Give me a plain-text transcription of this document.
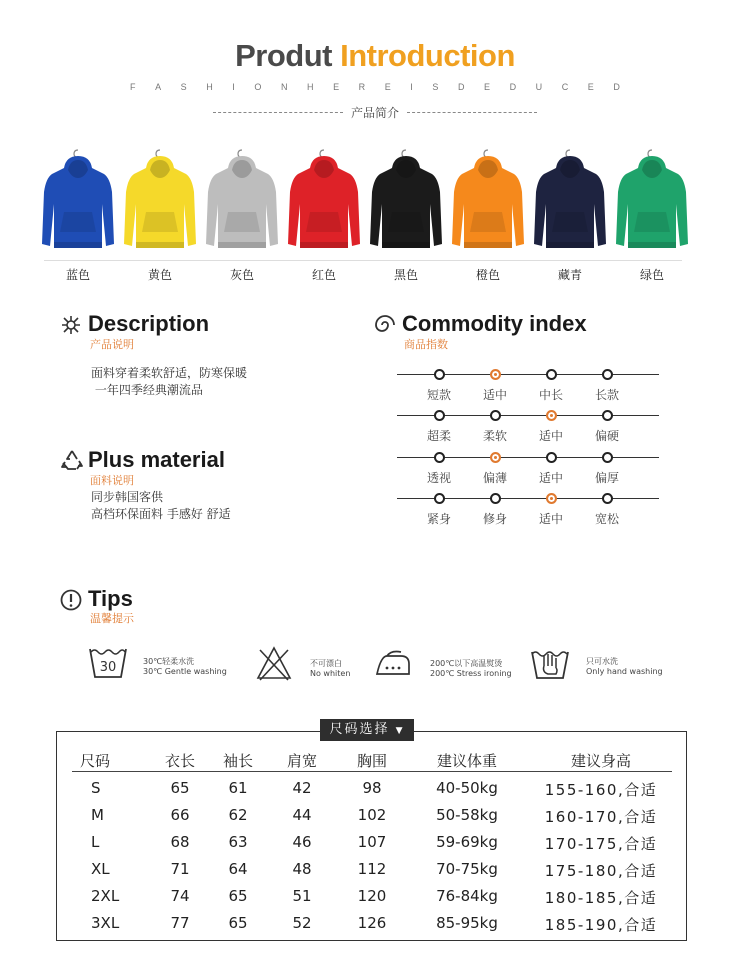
Produt Introduction
F A S H I O N H E R E I S D E D U C E D
产品简介
蓝色	黄色	灰色	红色	黑色	橙色	藏青	绿色
Description
产品说明
面料穿着柔软舒适，防寒保暖
一年四季经典潮流品
Plus material
面料说明
同步韩国客供
高档环保面料 手感好 舒适
Commodity index
商品指数
短款	适中	中长	长款
超柔	柔软	适中	偏硬
透视	偏薄	适中	偏厚
紧身	修身	适中	宽松
Tips
温馨提示
30	30℃轻柔水洗
30℃ Gentle washing
不可漂白
No whiten
200℃以下高温熨烫
200℃ Stress ironing
只可水洗
Only hand washing
尺码选择 ▼
尺码	衣长	袖长	肩宽	胸围	建议体重	建议身高
S	65	61	42	98	40-50kg	155-160,合适
M	66	62	44	102	50-58kg	160-170,合适
L	68	63	46	107	59-69kg	170-175,合适
XL	71	64	48	112	70-75kg	175-180,合适
2XL	74	65	51	120	76-84kg	180-185,合适
3XL	77	65	52	126	85-95kg	185-190,合适
